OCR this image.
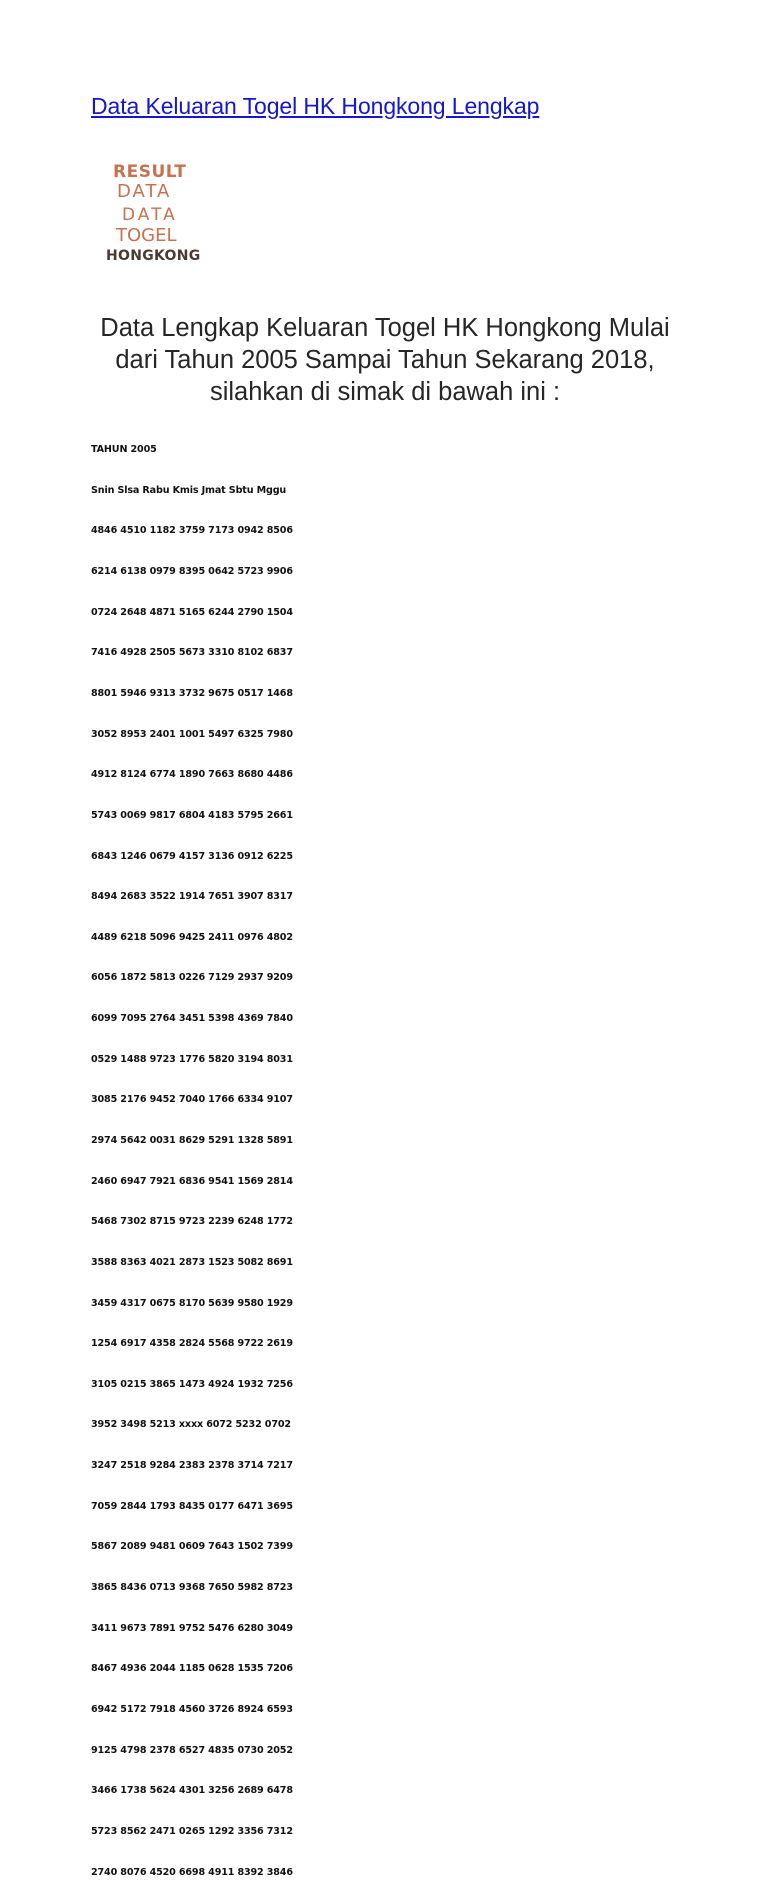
Data Keluaran Togel HK Hongkong Lengkap
RESULT
DATA
DATA
TOGEL
HONGKONG
Data Lengkap Keluaran Togel HK Hongkong Mulai dari Tahun 2005 Sampai Tahun Sekarang 2018, silahkan di simak di bawah ini :

TAHUN 2005

Snin Slsa Rabu Kmis Jmat Sbtu Mggu

4846 4510 1182 3759 7173 0942 8506

6214 6138 0979 8395 0642 5723 9906

0724 2648 4871 5165 6244 2790 1504

7416 4928 2505 5673 3310 8102 6837

8801 5946 9313 3732 9675 0517 1468

3052 8953 2401 1001 5497 6325 7980

4912 8124 6774 1890 7663 8680 4486

5743 0069 9817 6804 4183 5795 2661

6843 1246 0679 4157 3136 0912 6225

8494 2683 3522 1914 7651 3907 8317

4489 6218 5096 9425 2411 0976 4802

6056 1872 5813 0226 7129 2937 9209

6099 7095 2764 3451 5398 4369 7840

0529 1488 9723 1776 5820 3194 8031

3085 2176 9452 7040 1766 6334 9107

2974 5642 0031 8629 5291 1328 5891

2460 6947 7921 6836 9541 1569 2814

5468 7302 8715 9723 2239 6248 1772

3588 8363 4021 2873 1523 5082 8691

3459 4317 0675 8170 5639 9580 1929

1254 6917 4358 2824 5568 9722 2619

3105 0215 3865 1473 4924 1932 7256

3952 3498 5213 xxxx 6072 5232 0702

3247 2518 9284 2383 2378 3714 7217

7059 2844 1793 8435 0177 6471 3695

5867 2089 9481 0609 7643 1502 7399

3865 8436 0713 9368 7650 5982 8723

3411 9673 7891 9752 5476 6280 3049

8467 4936 2044 1185 0628 1535 7206

6942 5172 7918 4560 3726 8924 6593

9125 4798 2378 6527 4835 0730 2052

3466 1738 5624 4301 3256 2689 6478

5723 8562 2471 0265 1292 3356 7312

2740 8076 4520 6698 4911 8392 3846
